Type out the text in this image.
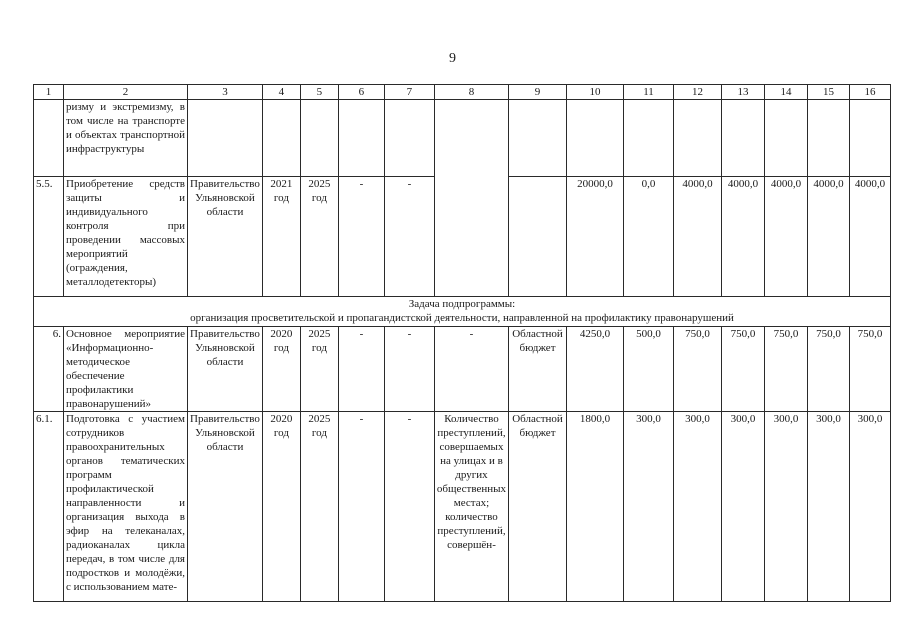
9
1	2	3	4	5	6	7	8	9	10	11	12	13	14	15	16
	ризму и экстремизму, в том числе на транспорте и объектах транспортной инфраструктуры														
5.5.	Приобретение средств защиты и индивидуального контроля при проведении массовых мероприятий (ограждения, металлодетекторы)	Правительство Ульяновской области	2021 год	2025 год	-	-			20000,0	0,0	4000,0	4000,0	4000,0	4000,0	4000,0

Задача подпрограммы:
организация просветительской и пропагандистской деятельности, направленной на профилактику правонарушений															

6.	Основное мероприятие «Информационно-методическое обеспечение профилактики правонарушений»	Правительство Ульяновской области	2020 год	2025 год	-	-	-	Областной бюджет	4250,0	500,0	750,0	750,0	750,0	750,0	750,0
6.1.	Подготовка с участием сотрудников правоохранительных органов тематических программ профилактической направленности и организация выхода в эфир на телеканалах, радиоканалах цикла передач, в том числе для подростков и молодёжи, с использованием мате-	Правительство Ульяновской области	2020 год	2025 год	-	-	Количество преступлений, совершаемых на улицах и в других общественных местах; количество преступлений, совершён-	Областной бюджет	1800,0	300,0	300,0	300,0	300,0	300,0	300,0
